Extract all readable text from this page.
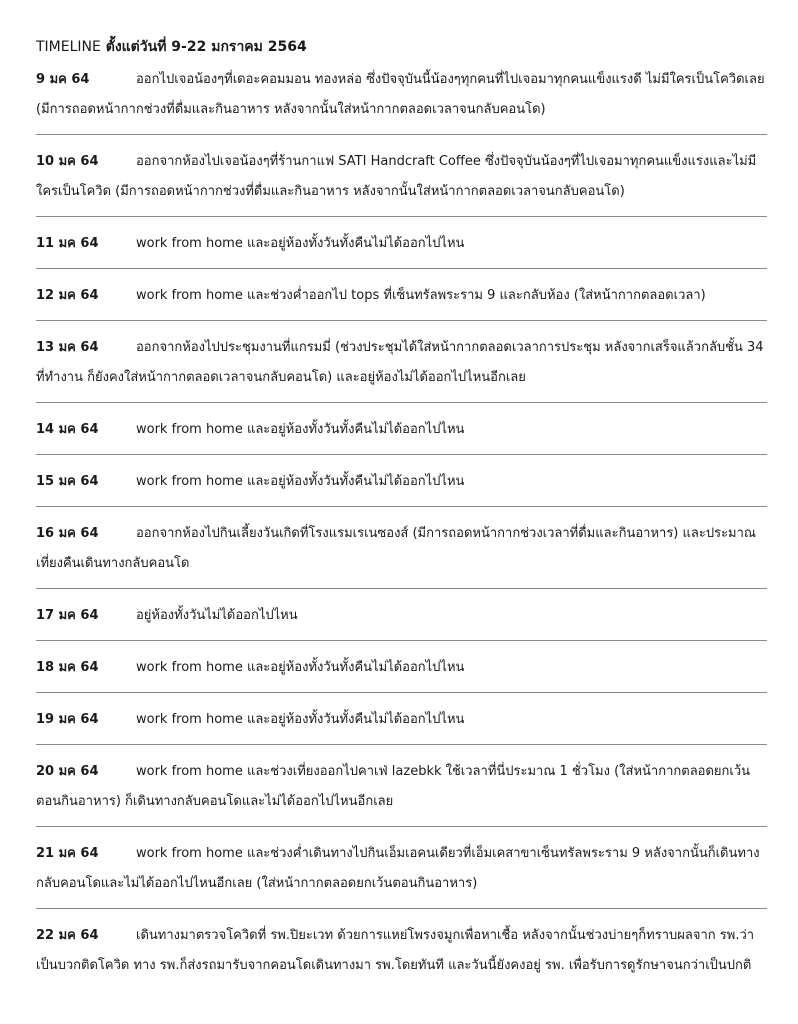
TIMELINE ตั้งแต่วันที่ 9-22 มกราคม 2564
9 มค 64	ออกไปเจอน้องๆที่เดอะคอมมอน ทองหล่อ ซึ่งปัจจุบันนี้น้องๆทุกคนที่ไปเจอมาทุกคนแข็งแรงดี ไม่มีใครเป็นโควิดเลย (มีการถอดหน้ากากช่วงที่ดื่มและกินอาหาร หลังจากนั้นใส่หน้ากากตลอดเวลาจนกลับคอนโด)
10 มค 64	ออกจากห้องไปเจอน้องๆที่ร้านกาแฟ SATI Handcraft Coffee ซึ่งปัจจุบันน้องๆที่ไปเจอมาทุกคนแข็งแรงและไม่มีใครเป็นโควิด (มีการถอดหน้ากากช่วงที่ดื่มและกินอาหาร หลังจากนั้นใส่หน้ากากตลอดเวลาจนกลับคอนโด)
11 มค 64	work from home และอยู่ห้องทั้งวันทั้งคืนไม่ได้ออกไปไหน
12 มค 64	work from home และช่วงค่ำออกไป tops ที่เซ็นทรัลพระราม 9 และกลับห้อง (ใส่หน้ากากตลอดเวลา)
13 มค 64	ออกจากห้องไปประชุมงานที่แกรมมี่ (ช่วงประชุมได้ใส่หน้ากากตลอดเวลาการประชุม หลังจากเสร็จแล้วกลับชั้น 34 ที่ทำงาน ก็ยังคงใส่หน้ากากตลอดเวลาจนกลับคอนโด) และอยู่ห้องไม่ได้ออกไปไหนอีกเลย
14 มค 64	work from home และอยู่ห้องทั้งวันทั้งคืนไม่ได้ออกไปไหน
15 มค 64	work from home และอยู่ห้องทั้งวันทั้งคืนไม่ได้ออกไปไหน
16 มค 64	ออกจากห้องไปกินเลี้ยงวันเกิดที่โรงแรมเรเนซองส์ (มีการถอดหน้ากากช่วงเวลาที่ดื่มและกินอาหาร) และประมาณเที่ยงคืนเดินทางกลับคอนโด
17 มค 64	อยู่ห้องทั้งวันไม่ได้ออกไปไหน
18 มค 64	work from home และอยู่ห้องทั้งวันทั้งคืนไม่ได้ออกไปไหน
19 มค 64	work from home และอยู่ห้องทั้งวันทั้งคืนไม่ได้ออกไปไหน
20 มค 64	work from home และช่วงเที่ยงออกไปคาเฟ่ lazebkk ใช้เวลาที่นี่ประมาณ 1 ชั่วโมง (ใส่หน้ากากตลอดยกเว้นตอนกินอาหาร) ก็เดินทางกลับคอนโดและไม่ได้ออกไปไหนอีกเลย
21 มค 64	work from home และช่วงค่ำเดินทางไปกินเอ็มเอคนเดียวที่เอ็มเคสาขาเซ็นทรัลพระราม 9 หลังจากนั้นก็เดินทางกลับคอนโดและไม่ได้ออกไปไหนอีกเลย (ใส่หน้ากากตลอดยกเว้นตอนกินอาหาร)
22 มค 64	เดินทางมาตรวจโควิดที่ รพ.ปิยะเวท ด้วยการแหย่โพรงจมูกเพื่อหาเชื้อ หลังจากนั้นช่วงบ่ายๆก็ทราบผลจาก รพ.ว่าเป็นบวกติดโควิด ทาง รพ.ก็ส่งรถมารับจากคอนโดเดินทางมา รพ.โดยทันที และวันนี้ยังคงอยู่ รพ. เพื่อรับการดูรักษาจนกว่าเป็นปกติ
